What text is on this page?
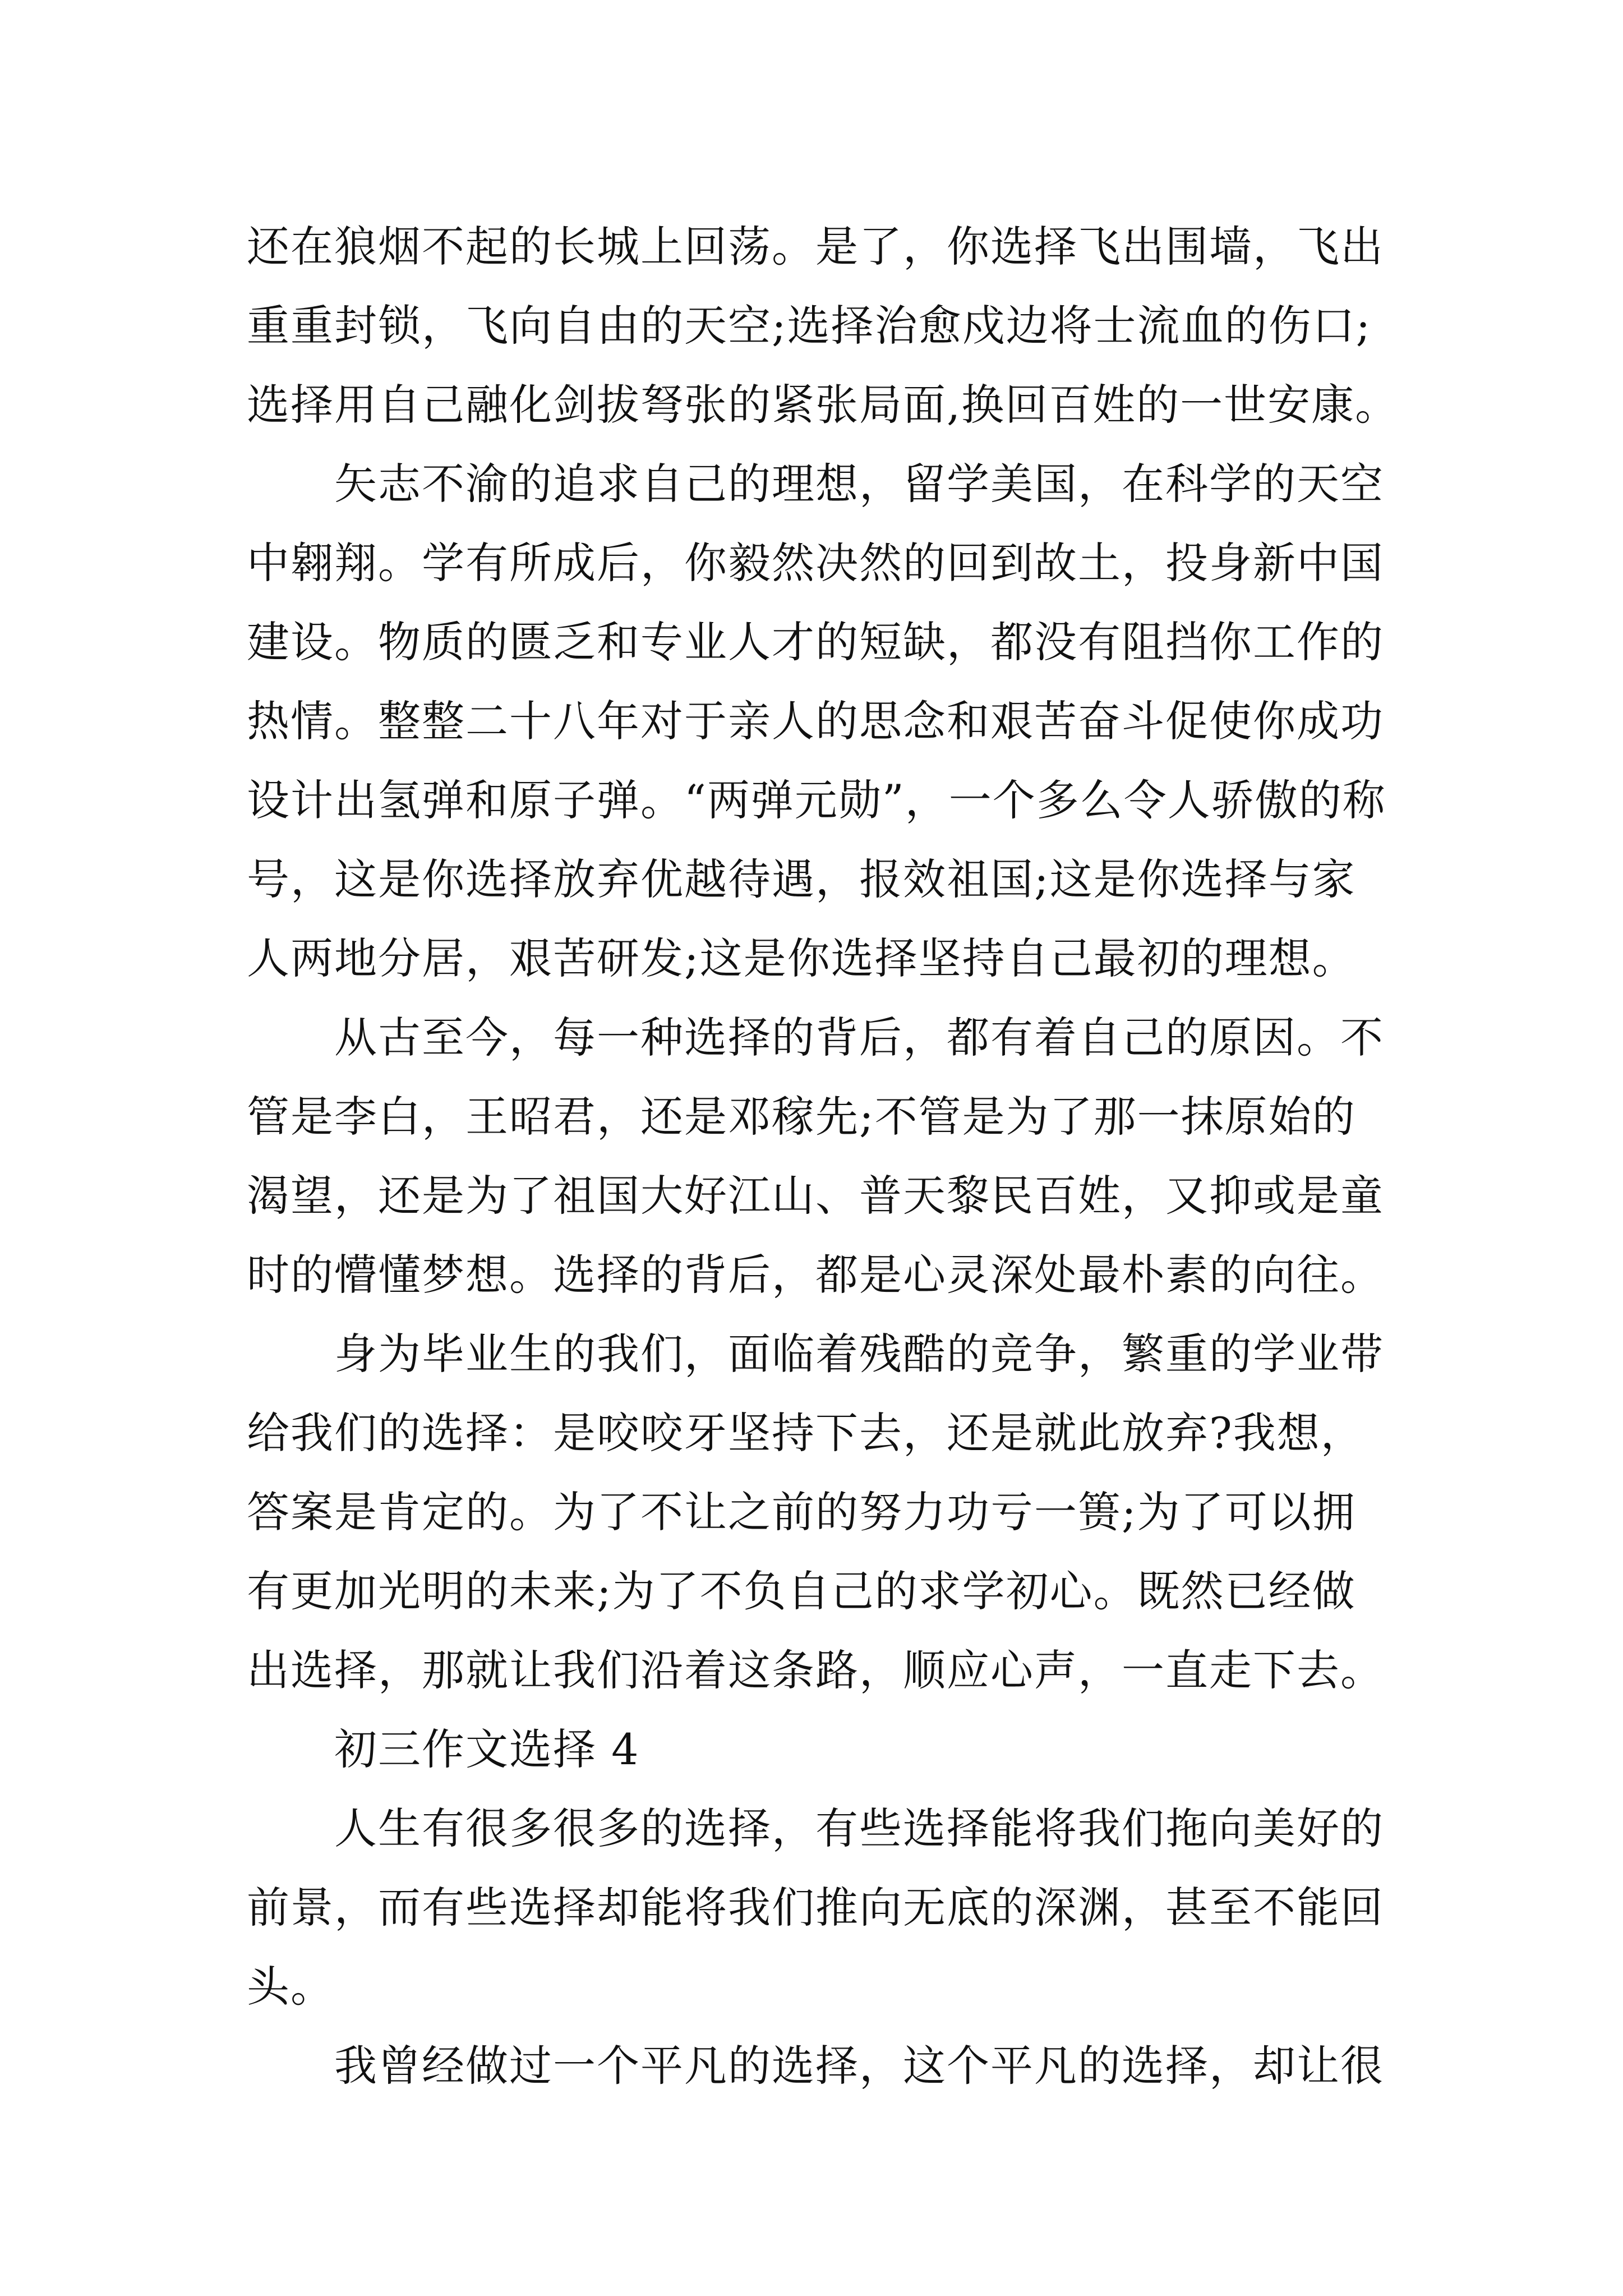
还在狼烟不起的长城上回荡。是了，你选择飞出围墙，飞出
重重封锁，飞向自由的天空;选择治愈戍边将士流血的伤口;
选择用自己融化剑拔弩张的紧张局面,换回百姓的一世安康。
矢志不渝的追求自己的理想，留学美国，在科学的天空
中翱翔。学有所成后，你毅然决然的回到故土，投身新中国
建设。物质的匮乏和专业人才的短缺，都没有阻挡你工作的
热情。整整二十八年对于亲人的思念和艰苦奋斗促使你成功
设计出氢弹和原子弹。“两弹元勋”，一个多么令人骄傲的称
号，这是你选择放弃优越待遇，报效祖国;这是你选择与家
人两地分居，艰苦研发;这是你选择坚持自己最初的理想。
从古至今，每一种选择的背后，都有着自己的原因。不
管是李白，王昭君，还是邓稼先;不管是为了那一抹原始的
渴望，还是为了祖国大好江山、普天黎民百姓，又抑或是童
时的懵懂梦想。选择的背后，都是心灵深处最朴素的向往。
身为毕业生的我们，面临着残酷的竞争，繁重的学业带
给我们的选择：是咬咬牙坚持下去，还是就此放弃?我想，
答案是肯定的。为了不让之前的努力功亏一篑;为了可以拥
有更加光明的未来;为了不负自己的求学初心。既然已经做
出选择，那就让我们沿着这条路，顺应心声，一直走下去。
初三作文选择 4
人生有很多很多的选择，有些选择能将我们拖向美好的
前景，而有些选择却能将我们推向无底的深渊，甚至不能回
头。
我曾经做过一个平凡的选择，这个平凡的选择，却让很
